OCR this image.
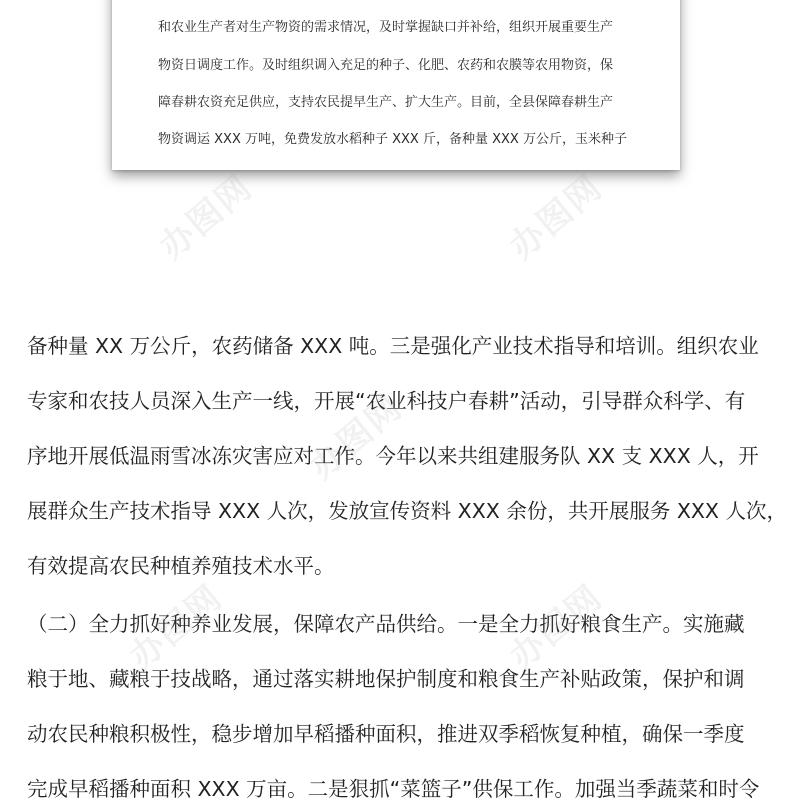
和农业生产者对生产物资的需求情况，及时掌握缺口并补给，组织开展重要生产
物资日调度工作。及时组织调入充足的种子、化肥、农药和农膜等农用物资，保
障春耕农资充足供应，支持农民提早生产、扩大生产。目前，全县保障春耕生产
物资调运 XXX 万吨，免费发放水稻种子 XXX 斤，备种量 XXX 万公斤，玉米种子
备种量 XX 万公斤，农药储备 XXX 吨。三是强化产业技术指导和培训。组织农业
专家和农技人员深入生产一线，开展“农业科技户春耕”活动，引导群众科学、有
序地开展低温雨雪冰冻灾害应对工作。今年以来共组建服务队 XX 支 XXX 人，开
展群众生产技术指导 XXX 人次，发放宣传资料 XXX 余份，共开展服务 XXX 人次，
有效提高农民种植养殖技术水平。
（二）全力抓好种养业发展，保障农产品供给。一是全力抓好粮食生产。实施藏
粮于地、藏粮于技战略，通过落实耕地保护制度和粮食生产补贴政策，保护和调
动农民种粮积极性，稳步增加早稻播种面积，推进双季稻恢复种植，确保一季度
完成早稻播种面积 XXX 万亩。二是狠抓“菜篮子”供保工作。加强当季蔬菜和时令
办图网	办图网
办图网
办图网	办图网
